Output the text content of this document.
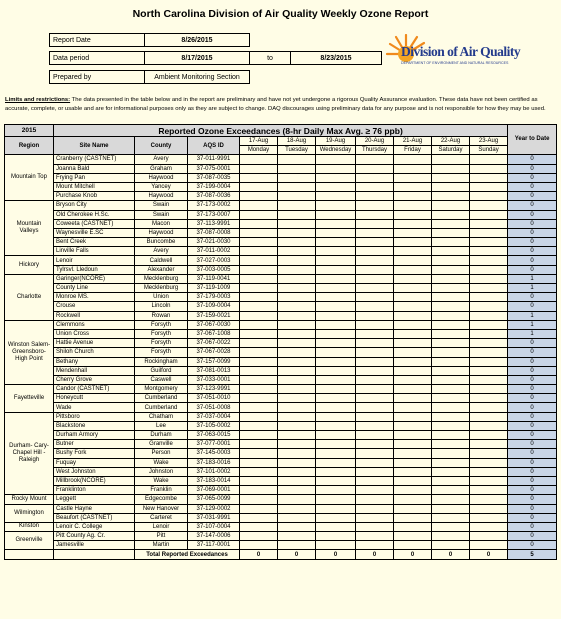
North Carolina Division of Air Quality Weekly Ozone Report
Report Date	8/26/2015
Data period	8/17/2015	to	8/23/2015
Prepared by	Ambient Monitoring Section
Division of Air Quality
DEPARTMENT OF ENVIRONMENT AND NATURAL RESOURCES
Limits and restrictions: The data presented in the table below and in the report are preliminary and have not yet undergone a rigorous Quality Assurance evaluation. These data have not been certified as accurate, complete, or usable and are for informational purposes only as they are subject to change. DAQ discourages using preliminary data for any purpose and is not responsible for how they may be used.
2015	Reported Ozone Exceedances (8-hr Daily Max Avg. ≥ 76 ppb)										Year to Date
Region	Site Name	County	AQS ID	17-Aug	18-Aug	19-Aug	20-Aug	21-Aug	22-Aug	23-Aug	
				Monday	Tuesday	Wednesday	Thursday	Friday	Saturday	Sunday	
Mountain Top	Cranberry (CASTNET)	Avery	37-011-9991								0
	Joanna Bald	Graham	37-075-0001								0
	Frying Pan	Haywood	37-087-0035								0
	Mount Mitchell	Yancey	37-199-0004								0
	Purchase Knob	Haywood	37-087-0036								0
Mountain Valleys	Bryson City	Swain	37-173-0002								0
	Old Cherokee H.Sc.	Swain	37-173-0007								0
	Coweeta (CASTNET)	Macon	37-113-9991								0
	Waynesville E.SC	Haywood	37-087-0008								0
	Bent Creek	Buncombe	37-021-0030								0
	Linville Falls	Avery	37-011-0002								0
Hickory	Lenoir	Caldwell	37-027-0003								0
	Tylrsvl. Lledoun	Alexander	37-003-0005								0
Charlotte	Garinger(NCORE)	Mecklenburg	37-119-0041								1
	County Line	Mecklenburg	37-119-1009								1
	Monroe MS.	Union	37-179-0003								0
	Crouse	Lincoln	37-109-0004								0
	Rockwell	Rowan	37-159-0021								1
Winston Salem-Greensboro-High Point	Clemmons	Forsyth	37-067-0030								1
	Union Cross	Forsyth	37-067-1008								1
	Hattie Avenue	Forsyth	37-067-0022								0
	Shiloh Church	Forsyth	37-067-0028								0
	Bethany	Rockingham	37-157-0099								0
	Mendenhall	Guilford	37-081-0013								0
	Cherry Grove	Caswell	37-033-0001								0
Fayetteville	Candor (CASTNET)	Montgomery	37-123-9991								0
	Honeycutt	Cumberland	37-051-0010								0
	Wade	Cumberland	37-051-0008								0
Durham- Cary- Chapel Hill - Raleigh	Pittsboro	Chatham	37-037-0004								0
	Blackstone	Lee	37-105-0002								0
	Durham Armory	Durham	37-063-0015								0
	Butner	Granville	37-077-0001								0
	Bushy Fork	Person	37-145-0003								0
	Fuquay	Wake	37-183-0016								0
	West Johnston	Johnston	37-101-0002								0
	Millbrook(NCORE)	Wake	37-183-0014								0
	Franklinton	Franklin	37-069-0001								0
Rocky Mount	Leggett	Edgecombe	37-065-0099								0
Wilmington	Castle Hayne	New Hanover	37-129-0002								0
	Beaufort (CASTNET)	Carteret	37-031-9991								0
Kinston	Lenoir C. College	Lenoir	37-107-0004								0
Greenville	Pitt County Ag. Cr.	Pitt	37-147-0006								0
	Jamesville	Martin	37-117-0001								0
		Total Reported Exceedances		0	0	0	0	0	0	0	5
